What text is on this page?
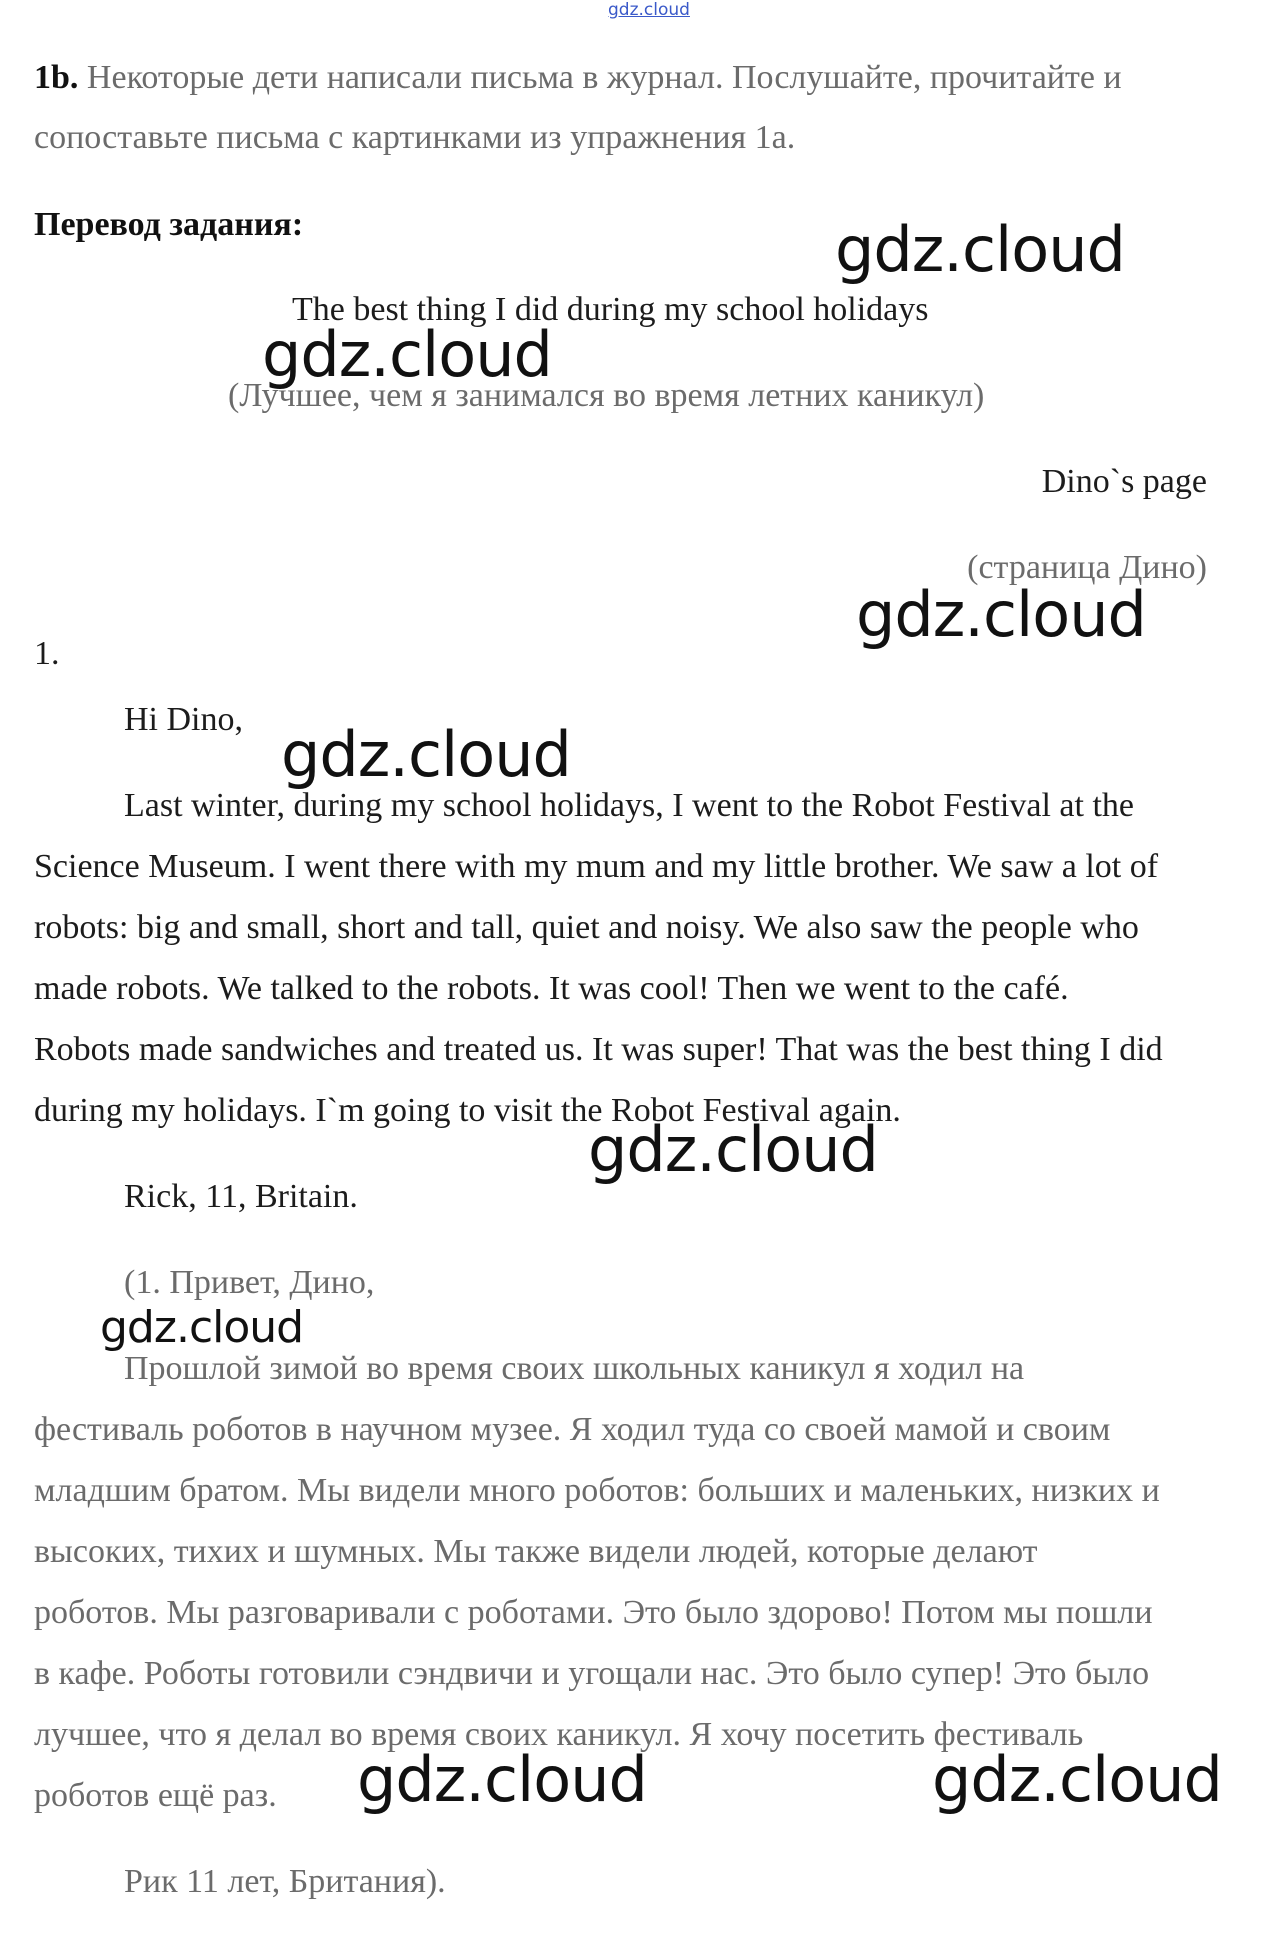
gdz.cloud
1b. Некоторые дети написали письма в журнал. Послушайте, прочитайте и
сопоставьте письма с картинками из упражнения 1а.
Перевод задания:
The best thing I did during my school holidays
(Лучшее, чем я занимался во время летних каникул)
Dino`s page
(страница Дино)
1.
Hi Dino,
Last winter, during my school holidays, I went to the Robot Festival at the
Science Museum. I went there with my mum and my little brother. We saw a lot of
robots: big and small, short and tall, quiet and noisy. We also saw the people who
made robots. We talked to the robots. It was cool! Then we went to the café.
Robots made sandwiches and treated us. It was super! That was the best thing I did
during my holidays. I`m going to visit the Robot Festival again.
Rick, 11, Britain.
(1. Привет, Дино,
Прошлой зимой во время своих школьных каникул я ходил на
фестиваль роботов в научном музее. Я ходил туда со своей мамой и своим
младшим братом. Мы видели много роботов: больших и маленьких, низких и
высоких, тихих и шумных. Мы также видели людей, которые делают
роботов. Мы разговаривали с роботами. Это было здорово! Потом мы пошли
в кафе. Роботы готовили сэндвичи и угощали нас. Это было супер! Это было
лучшее, что я делал во время своих каникул. Я хочу посетить фестиваль
роботов ещё раз.
Рик 11 лет, Британия).
gdz.cloud
gdz.cloud
gdz.cloud
gdz.cloud
gdz.cloud
gdz.cloud
gdz.cloud	gdz.cloud
